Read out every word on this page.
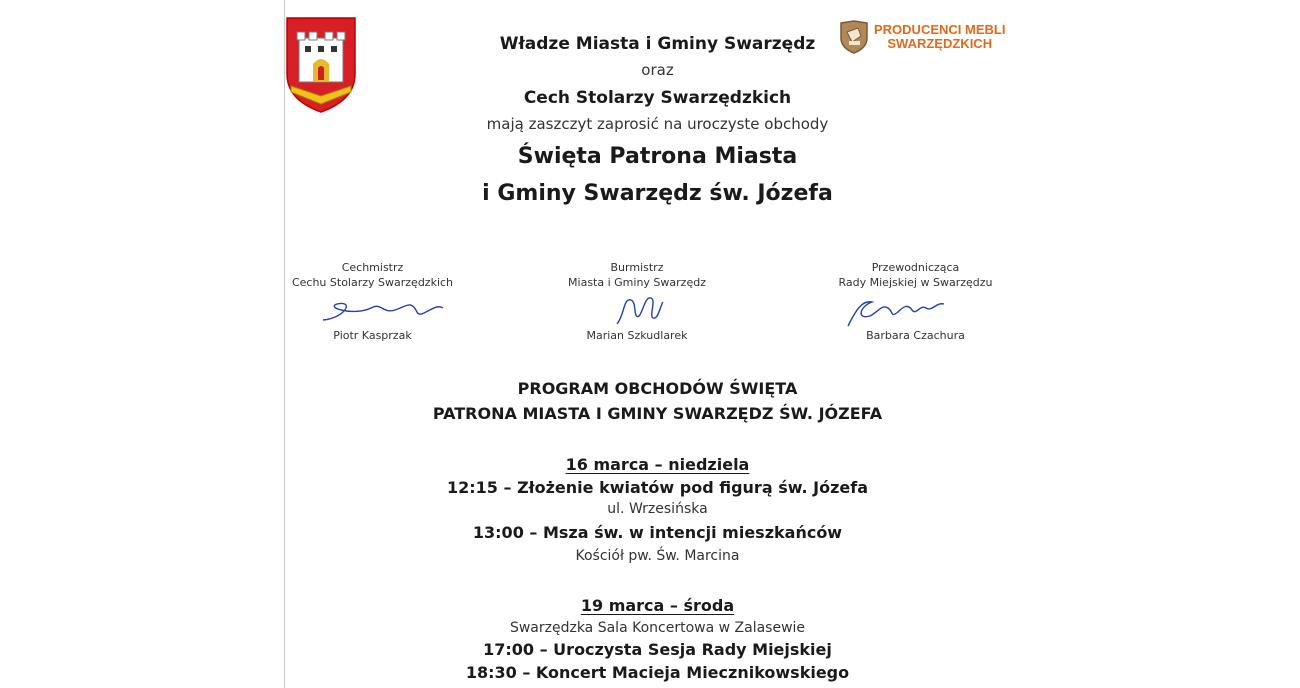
PRODUCENCI MEBLI
SWARZĘDZKICH
Władze Miasta i Gminy Swarzędz
oraz
Cech Stolarzy Swarzędzkich
mają zaszczyt zaprosić na uroczyste obchody
Święta Patrona Miasta
i Gminy Swarzędz św. Józefa
Cechmistrz
Cechu Stolarzy Swarzędzkich
Piotr Kasprzak
Burmistrz
Miasta i Gminy Swarzędz
Marian Szkudlarek
Przewodnicząca
Rady Miejskiej w Swarzędzu
Barbara Czachura
PROGRAM OBCHODÓW ŚWIĘTA
PATRONA MIASTA I GMINY SWARZĘDZ ŚW. JÓZEFA
16 marca – niedziela
12:15 – Złożenie kwiatów pod figurą św. Józefa
ul. Wrzesińska
13:00 – Msza św. w intencji mieszkańców
Kościół pw. Św. Marcina
19 marca – środa
Swarzędzka Sala Koncertowa w Zalasewie
17:00 – Uroczysta Sesja Rady Miejskiej
18:30 – Koncert Macieja Miecznikowskiego
